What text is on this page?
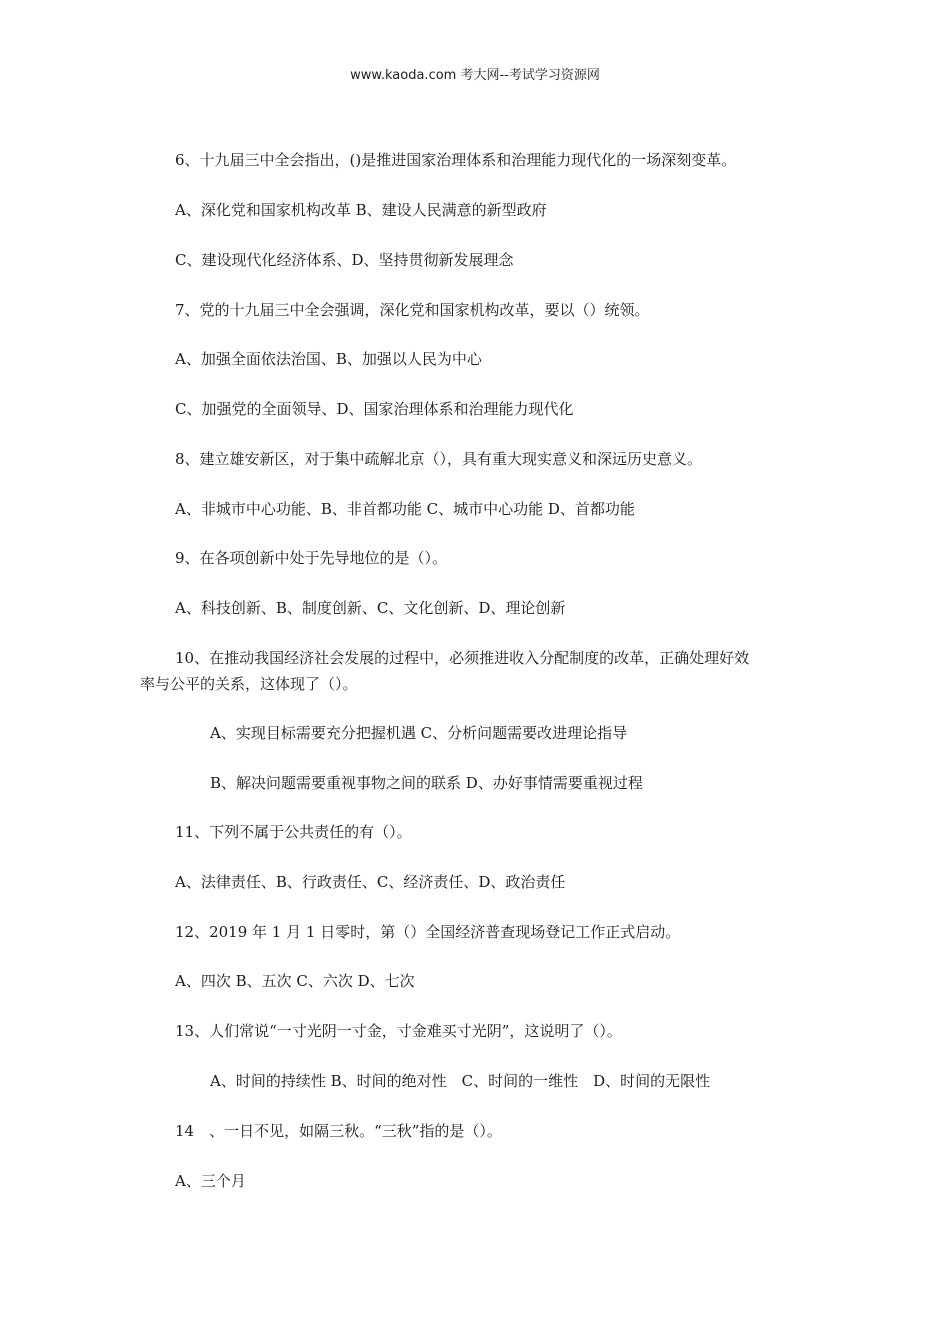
www.kaoda.com 考大网--考试学习资源网
6、十九届三中全会指出，()是推进国家治理体系和治理能力现代化的一场深刻变革。
A、深化党和国家机构改革 B、建设人民满意的新型政府
C、建设现代化经济体系、D、坚持贯彻新发展理念
7、党的十九届三中全会强调，深化党和国家机构改革，要以（）统领。
A、加强全面依法治国、B、加强以人民为中心
C、加强党的全面领导、D、国家治理体系和治理能力现代化
8、建立雄安新区，对于集中疏解北京（），具有重大现实意义和深远历史意义。
A、非城市中心功能、B、非首都功能 C、城市中心功能 D、首都功能
9、在各项创新中处于先导地位的是（）。
A、科技创新、B、制度创新、C、文化创新、D、理论创新
10、在推动我国经济社会发展的过程中，必须推进收入分配制度的改革，正确处理好效
率与公平的关系，这体现了（）。
A、实现目标需要充分把握机遇 C、分析问题需要改进理论指导
B、解决问题需要重视事物之间的联系 D、办好事情需要重视过程
11、下列不属于公共责任的有（）。
A、法律责任、B、行政责任、C、经济责任、D、政治责任
12、2019 年 1 月 1 日零时，第（）全国经济普查现场登记工作正式启动。
A、四次 B、五次 C、六次 D、七次
13、人们常说“一寸光阴一寸金，寸金难买寸光阴”，这说明了（）。
A、时间的持续性 B、时间的绝对性　C、时间的一维性　D、时间的无限性
14　、一日不见，如隔三秋。“三秋”指的是（）。
A、三个月
